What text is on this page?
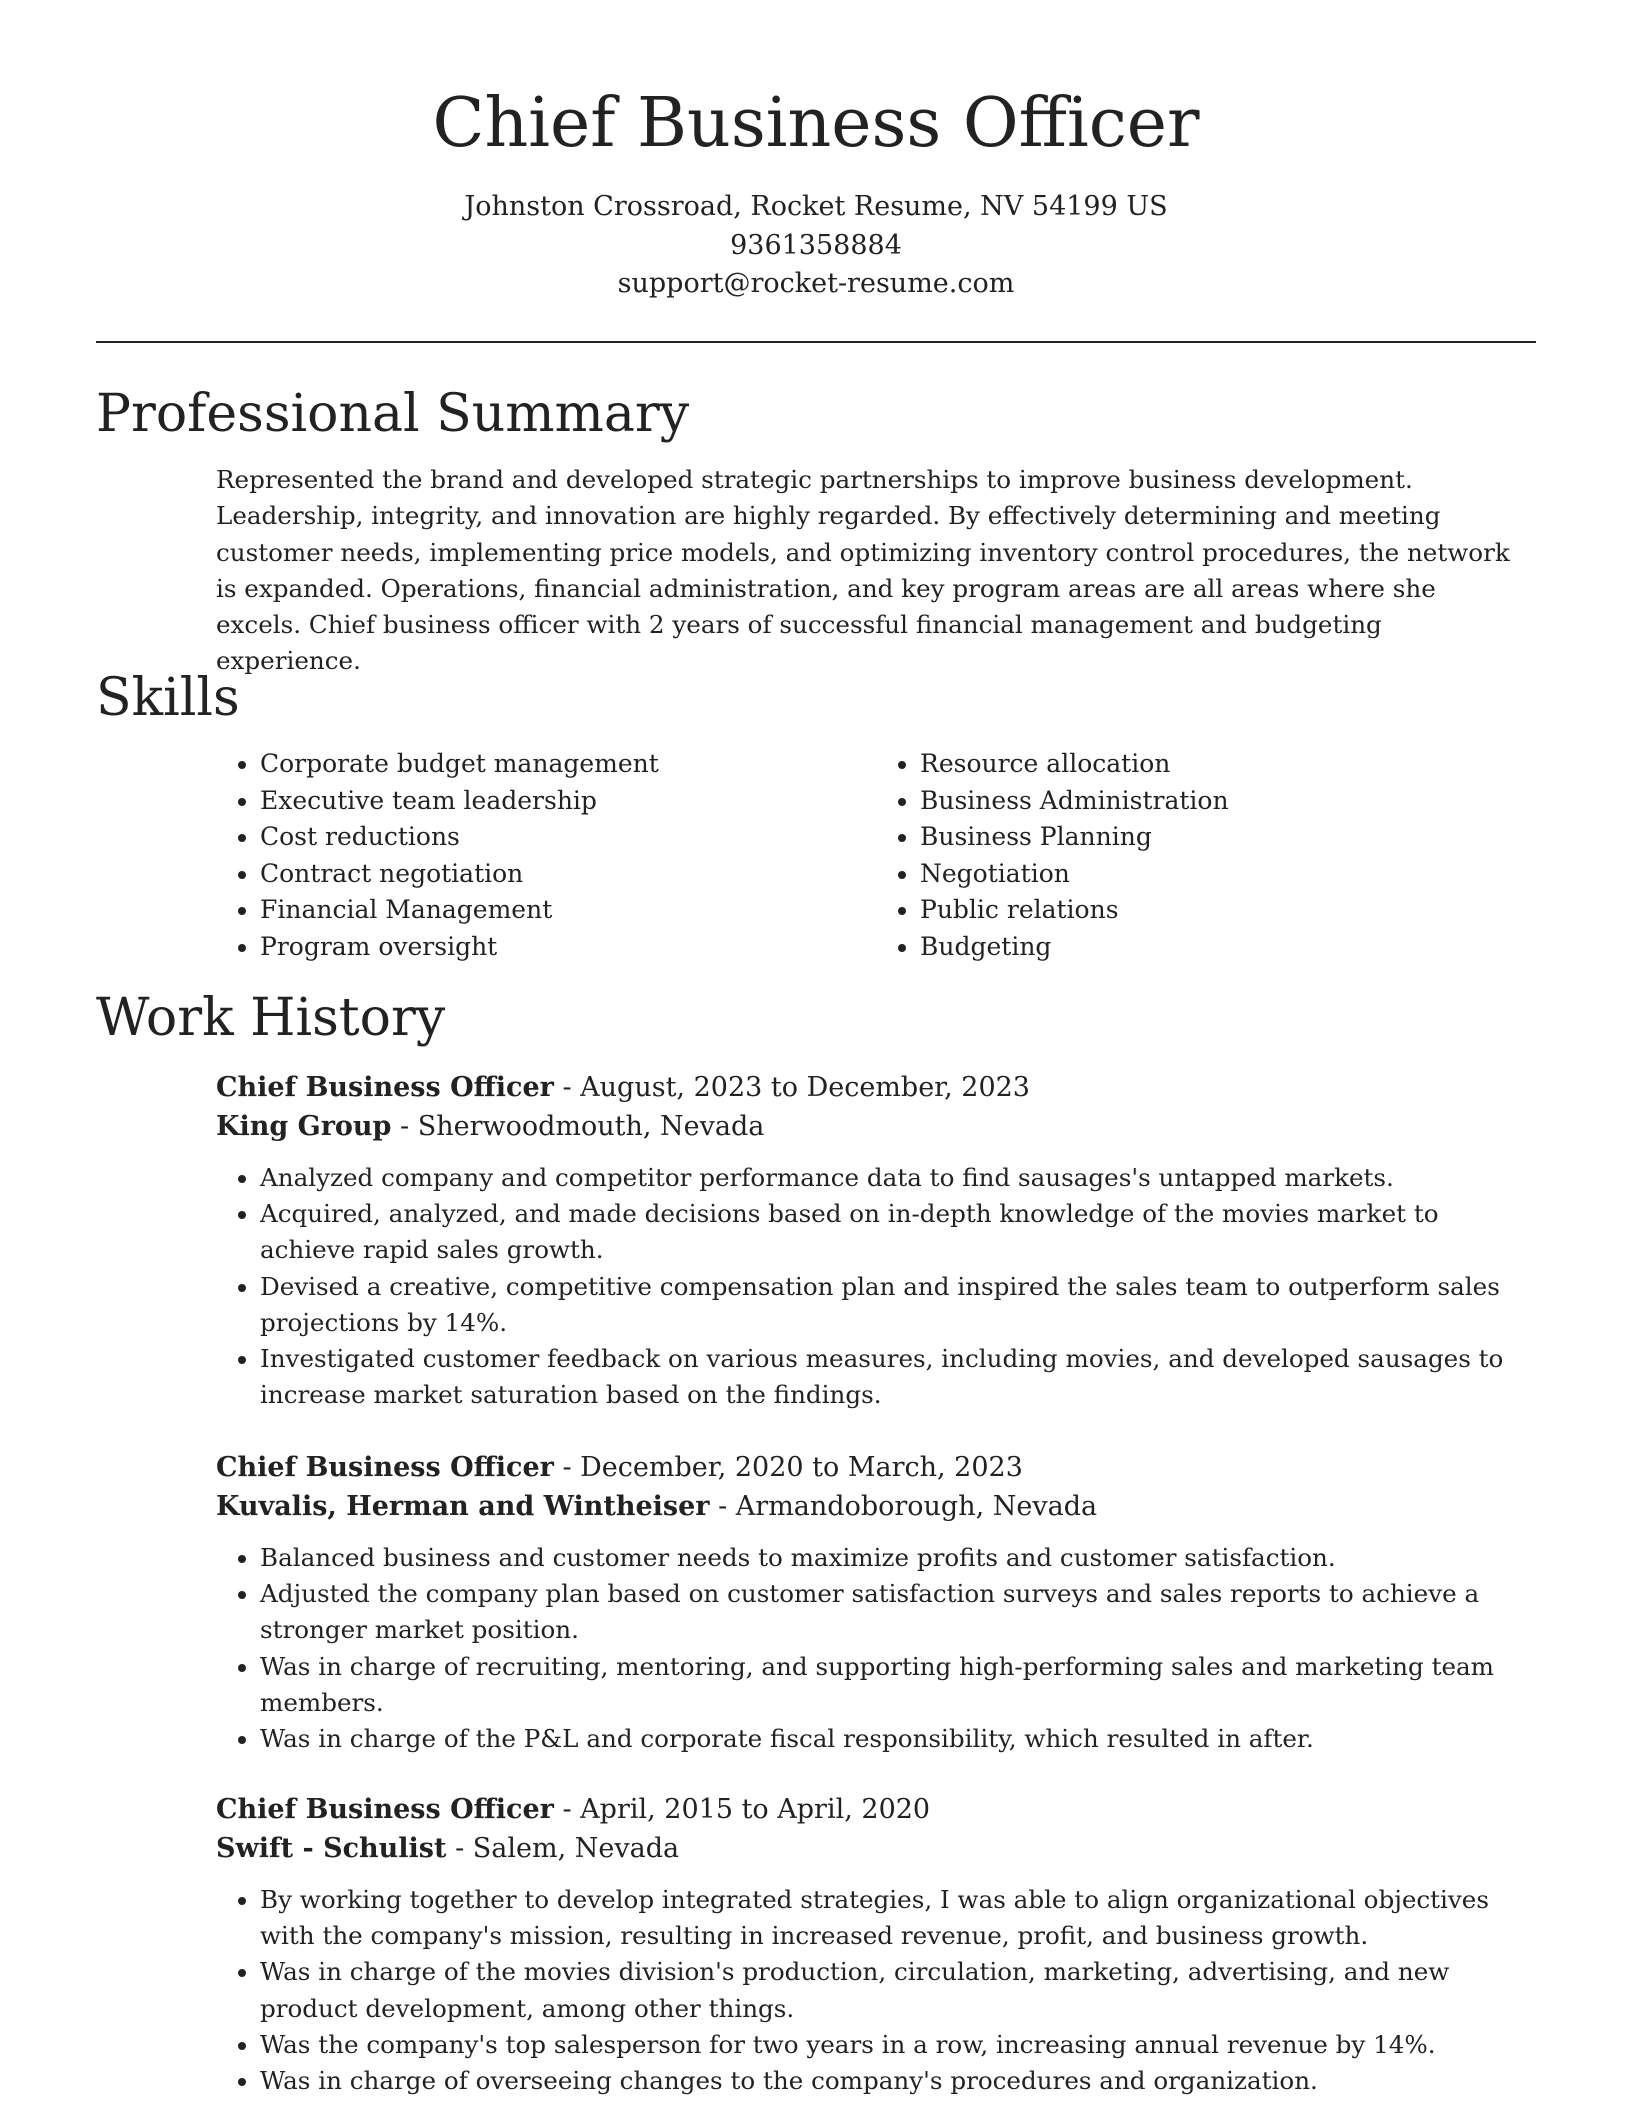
Chief Business Officer
Johnston Crossroad, Rocket Resume, NV 54199 US
9361358884
support@rocket-resume.com
Professional Summary

Represented the brand and developed strategic partnerships to improve business development. Leadership, integrity, and innovation are highly regarded. By effectively determining and meeting customer needs, implementing price models, and optimizing inventory control procedures, the network is expanded. Operations, financial administration, and key program areas are all areas where she excels. Chief business officer with 2 years of successful financial management and budgeting experience.

Skills
• Corporate budget management
• Executive team leadership
• Cost reductions
• Contract negotiation
• Financial Management
• Program oversight
• Resource allocation
• Business Administration
• Business Planning
• Negotiation
• Public relations
• Budgeting
Work History
Chief Business Officer - August, 2023 to December, 2023
King Group - Sherwoodmouth, Nevada
• Analyzed company and competitor performance data to find sausages's untapped markets.
• Acquired, analyzed, and made decisions based on in-depth knowledge of the movies market to achieve rapid sales growth.
• Devised a creative, competitive compensation plan and inspired the sales team to outperform sales projections by 14%.
• Investigated customer feedback on various measures, including movies, and developed sausages to increase market saturation based on the findings.
Chief Business Officer - December, 2020 to March, 2023
Kuvalis, Herman and Wintheiser - Armandoborough, Nevada
• Balanced business and customer needs to maximize profits and customer satisfaction.
• Adjusted the company plan based on customer satisfaction surveys and sales reports to achieve a stronger market position.
• Was in charge of recruiting, mentoring, and supporting high-performing sales and marketing team members.
• Was in charge of the P&L and corporate fiscal responsibility, which resulted in after.
Chief Business Officer - April, 2015 to April, 2020
Swift - Schulist - Salem, Nevada
• By working together to develop integrated strategies, I was able to align organizational objectives with the company's mission, resulting in increased revenue, profit, and business growth.
• Was in charge of the movies division's production, circulation, marketing, advertising, and new product development, among other things.
• Was the company's top salesperson for two years in a row, increasing annual revenue by 14%.
• Was in charge of overseeing changes to the company's procedures and organization.
